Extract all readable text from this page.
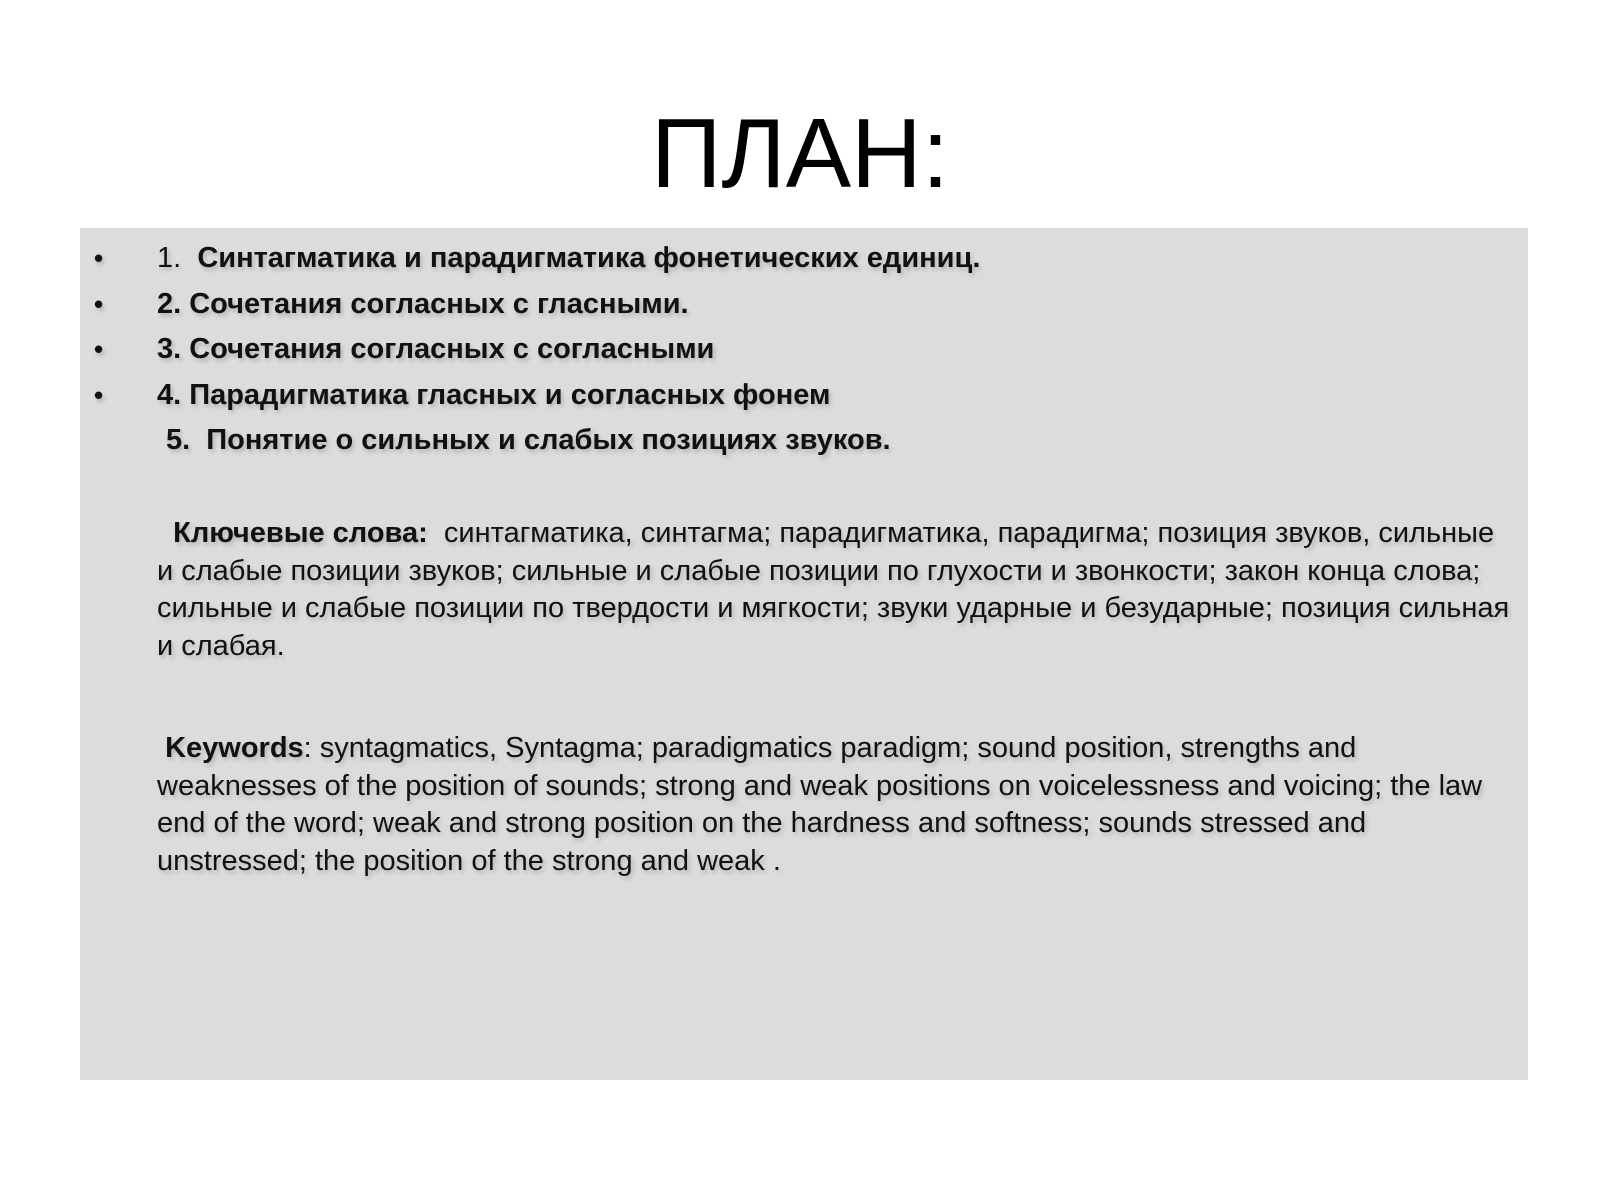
ПЛАН:
•	1. Синтагматика и парадигматика фонетических единиц.
•	2. Сочетания согласных с гласными.
•	3. Сочетания согласных с согласными
•	4. Парадигматика гласных и согласных фонем
5.  Понятие о сильных и слабых позициях звуков.
Ключевые слова: синтагматика, синтагма; парадигматика, парадигма; позиция звуков, сильные и слабые позиции звуков; сильные и слабые позиции по глухости и звонкости; закон конца слова; сильные и слабые позиции по твердости и мягкости; звуки ударные и безударные; позиция сильная и слабая.
Keywords: syntagmatics, Syntagma; paradigmatics paradigm; sound position, strengths and weaknesses of the position of sounds; strong and weak positions on voicelessness and voicing; the law end of the word; weak and strong position on the hardness and softness; sounds stressed and unstressed; the position of the strong and weak .
